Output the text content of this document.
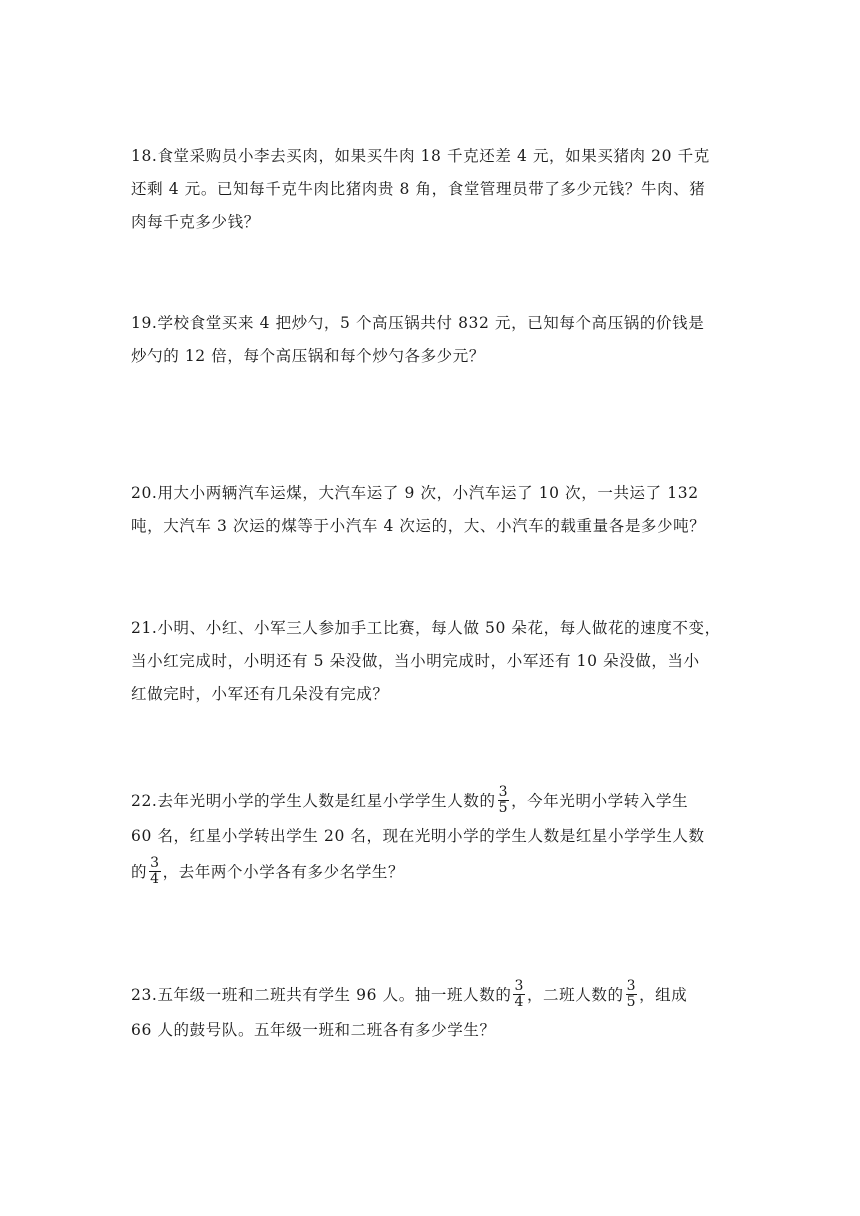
18.食堂采购员小李去买肉，如果买牛肉 18 千克还差 4 元，如果买猪肉 20 千克
还剩 4 元。已知每千克牛肉比猪肉贵 8 角，食堂管理员带了多少元钱？牛肉、猪
肉每千克多少钱？
19.学校食堂买来 4 把炒勺，5 个高压锅共付 832 元，已知每个高压锅的价钱是
炒勺的 12 倍，每个高压锅和每个炒勺各多少元？
20.用大小两辆汽车运煤，大汽车运了 9 次，小汽车运了 10 次，一共运了 132
吨，大汽车 3 次运的煤等于小汽车 4 次运的，大、小汽车的载重量各是多少吨？
21.小明、小红、小军三人参加手工比赛，每人做 50 朵花，每人做花的速度不变，
当小红完成时，小明还有 5 朵没做，当小明完成时，小军还有 10 朵没做，当小
红做完时，小军还有几朵没有完成？
22.去年光明小学的学生人数是红星小学学生人数的 $\frac{3}{5}$ ，今年光明小学转入学生
60 名，红星小学转出学生 20 名，现在光明小学的学生人数是红星小学学生人数
的 $\frac{3}{4}$ ，去年两个小学各有多少名学生？
23.五年级一班和二班共有学生 96 人。抽一班人数的 $\frac{3}{4}$ ，二班人数的 $\frac{3}{5}$ ，组成
66 人的鼓号队。五年级一班和二班各有多少学生？
